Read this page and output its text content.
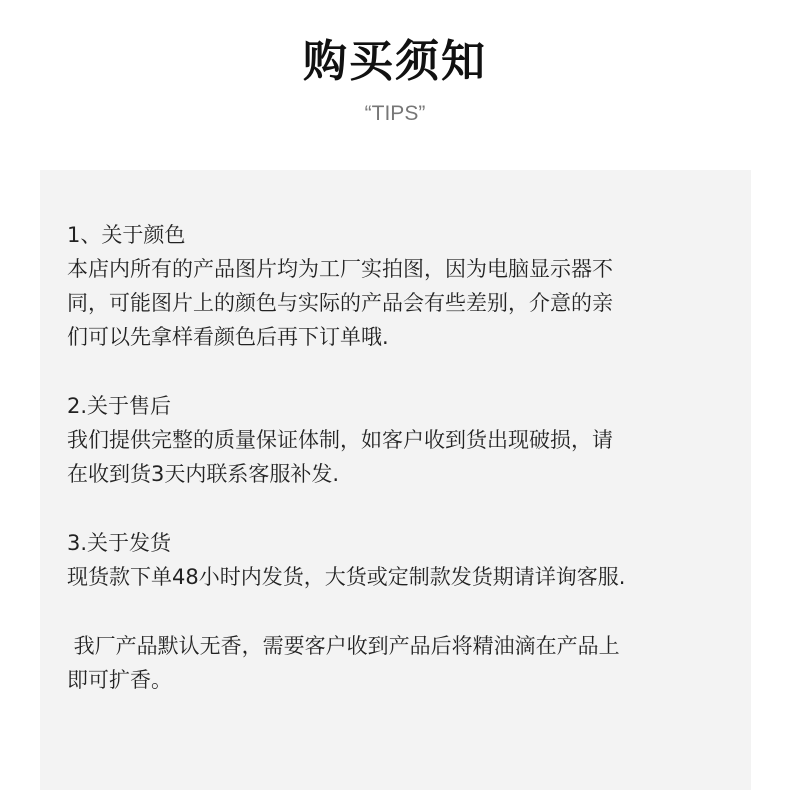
购买须知
“TIPS”

1、关于颜色

本店内所有的产品图片均为工厂实拍图，因为电脑显示器不

同，可能图片上的颜色与实际的产品会有些差别，介意的亲

们可以先拿样看颜色后再下订单哦.

2.关于售后

我们提供完整的质量保证体制，如客户收到货出现破损，请

在收到货3天内联系客服补发.

3.关于发货

现货款下单48小时内发货，大货或定制款发货期请详询客服.

我厂产品默认无香，需要客户收到产品后将精油滴在产品上

即可扩香。
